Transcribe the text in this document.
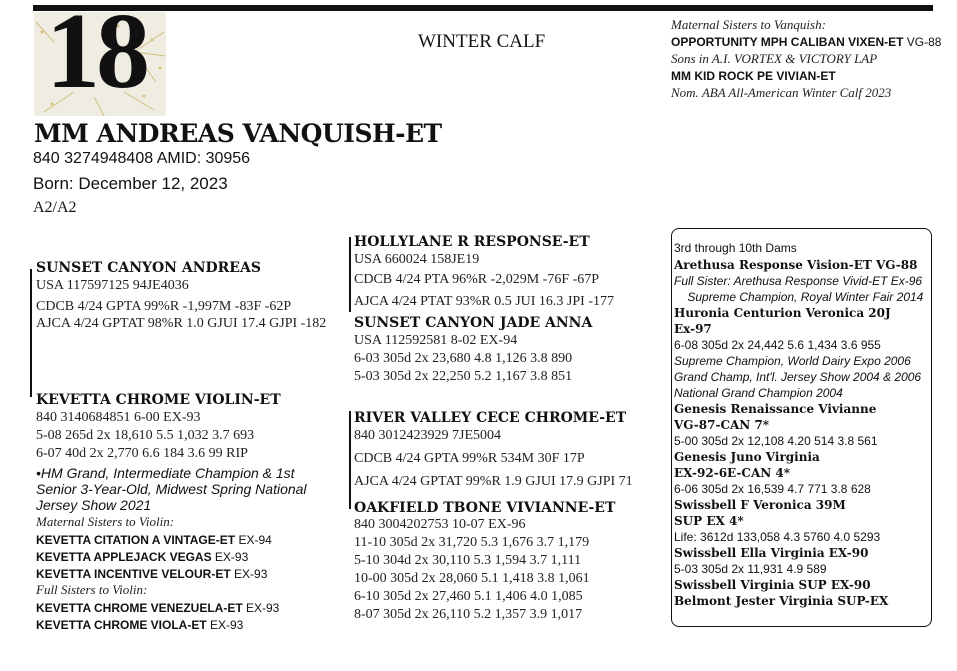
18	WINTER CALF
Maternal Sisters to Vanquish:
OPPORTUNITY MPH CALIBAN VIXEN-ET VG-88
Sons in A.I. VORTEX & VICTORY LAP
MM KID ROCK PE VIVIAN-ET
Nom. ABA All-American Winter Calf 2023
MM ANDREAS VANQUISH-ET
840 3274948408 AMID: 30956
Born: December 12, 2023
A2/A2
SUNSET CANYON ANDREAS
USA 117597125 94JE4036
CDCB 4/24 GPTA 99%R -1,997M -83F -62P
AJCA 4/24 GPTAT 98%R 1.0 GJUI 17.4 GJPI -182
HOLLYLANE R RESPONSE-ET
USA 660024 158JE19
CDCB 4/24 PTA 96%R -2,029M -76F -67P
AJCA 4/24 PTAT 93%R 0.5 JUI 16.3 JPI -177
SUNSET CANYON JADE ANNA
USA 112592581 8-02 EX-94
6-03 305d 2x 23,680 4.8 1,126 3.8 890
5-03 305d 2x 22,250 5.2 1,167 3.8 851
KEVETTA CHROME VIOLIN-ET
840 3140684851 6-00 EX-93
5-08 265d 2x 18,610 5.5 1,032 3.7 693
6-07 40d 2x 2,770 6.6 184 3.6 99 RIP
•HM Grand, Intermediate Champion & 1st
Senior 3-Year-Old, Midwest Spring National
Jersey Show 2021
Maternal Sisters to Violin:
KEVETTA CITATION A VINTAGE-ET EX-94
KEVETTA APPLEJACK VEGAS EX-93
KEVETTA INCENTIVE VELOUR-ET EX-93
Full Sisters to Violin:
KEVETTA CHROME VENEZUELA-ET EX-93
KEVETTA CHROME VIOLA-ET EX-93
RIVER VALLEY CECE CHROME-ET
840 3012423929 7JE5004
CDCB 4/24 GPTA 99%R 534M 30F 17P
AJCA 4/24 GPTAT 99%R 1.9 GJUI 17.9 GJPI 71
OAKFIELD TBONE VIVIANNE-ET
840 3004202753 10-07 EX-96
11-10 305d 2x 31,720 5.3 1,676 3.7 1,179
5-10 304d 2x 30,110 5.3 1,594 3.7 1,111
10-00 305d 2x 28,060 5.1 1,418 3.8 1,061
6-10 305d 2x 27,460 5.1 1,406 4.0 1,085
8-07 305d 2x 26,110 5.2 1,357 3.9 1,017
3rd through 10th Dams
Arethusa Response Vision-ET VG-88
Full Sister: Arethusa Response Vivid-ET Ex-96
Supreme Champion, Royal Winter Fair 2014
Huronia Centurion Veronica 20J
Ex-97
6-08 305d 2x 24,442 5.6 1,434 3.6 955
Supreme Champion, World Dairy Expo 2006
Grand Champ, Int'l. Jersey Show 2004 & 2006
National Grand Champion 2004
Genesis Renaissance Vivianne
VG-87-CAN 7*
5-00 305d 2x 12,108 4.20 514 3.8 561
Genesis Juno Virginia
EX-92-6E-CAN 4*
6-06 305d 2x 16,539 4.7 771 3.8 628
Swissbell F Veronica 39M
SUP EX 4*
Life: 3612d 133,058 4.3 5760 4.0 5293
Swissbell Ella Virginia EX-90
5-03 305d 2x 11,931 4.9 589
Swissbell Virginia SUP EX-90
Belmont Jester Virginia SUP-EX
